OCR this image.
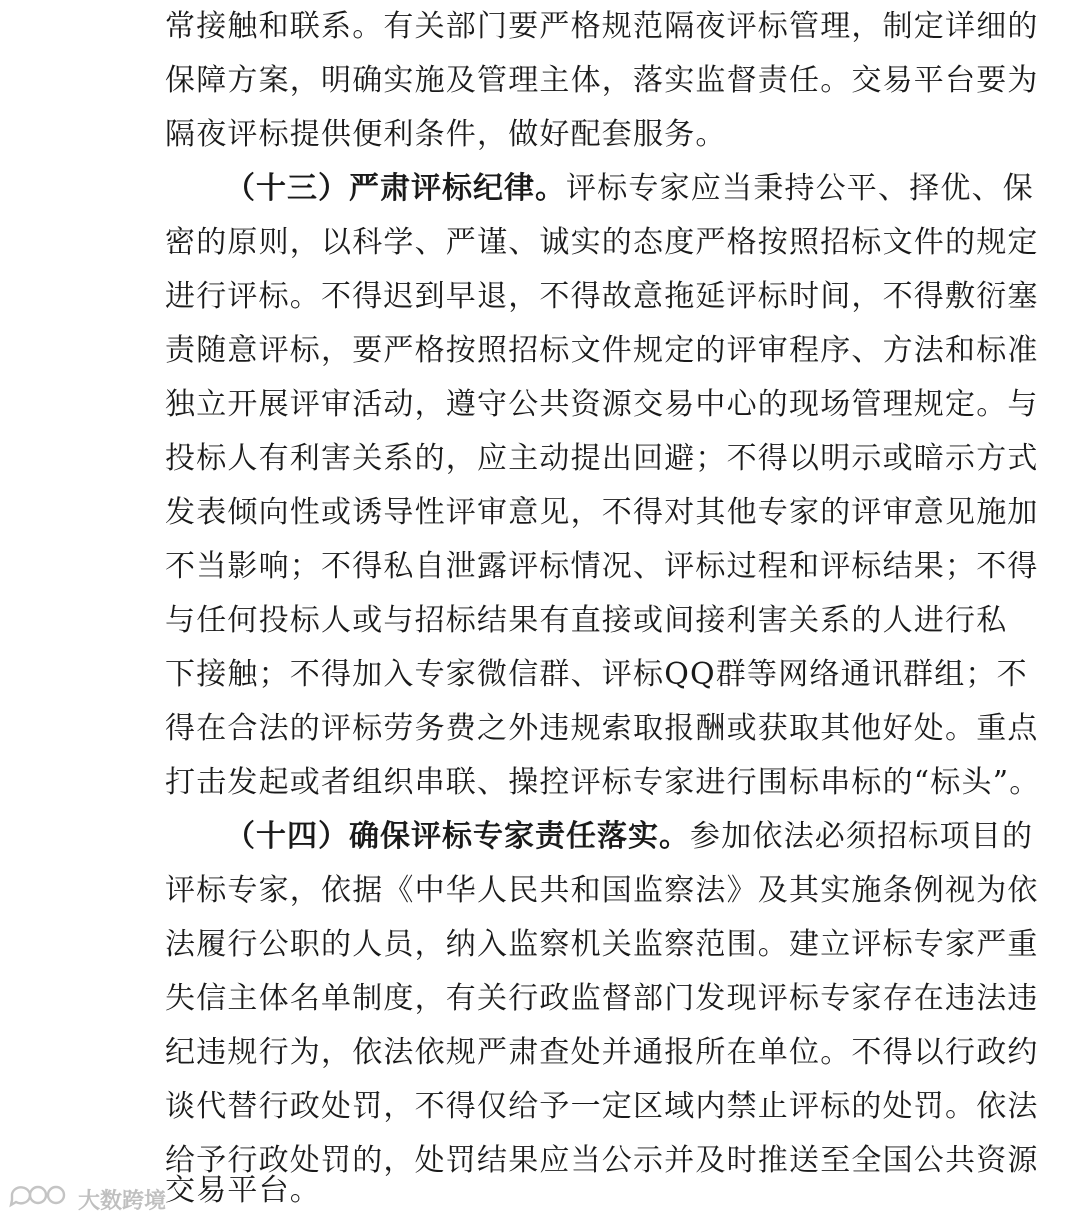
常接触和联系。有关部门要严格规范隔夜评标管理，制定详细的
保障方案，明确实施及管理主体，落实监督责任。交易平台要为
隔夜评标提供便利条件，做好配套服务。
（十三）严肃评标纪律。评标专家应当秉持公平、择优、保
密的原则，以科学、严谨、诚实的态度严格按照招标文件的规定
进行评标。不得迟到早退，不得故意拖延评标时间，不得敷衍塞
责随意评标，要严格按照招标文件规定的评审程序、方法和标准
独立开展评审活动，遵守公共资源交易中心的现场管理规定。与
投标人有利害关系的，应主动提出回避；不得以明示或暗示方式
发表倾向性或诱导性评审意见，不得对其他专家的评审意见施加
不当影响；不得私自泄露评标情况、评标过程和评标结果；不得
与任何投标人或与招标结果有直接或间接利害关系的人进行私
下接触；不得加入专家微信群、评标QQ群等网络通讯群组；不
得在合法的评标劳务费之外违规索取报酬或获取其他好处。重点
打击发起或者组织串联、操控评标专家进行围标串标的“标头”。
（十四）确保评标专家责任落实。参加依法必须招标项目的
评标专家，依据《中华人民共和国监察法》及其实施条例视为依
法履行公职的人员，纳入监察机关监察范围。建立评标专家严重
失信主体名单制度，有关行政监督部门发现评标专家存在违法违
纪违规行为，依法依规严肃查处并通报所在单位。不得以行政约
谈代替行政处罚，不得仅给予一定区域内禁止评标的处罚。依法
给予行政处罚的，处罚结果应当公示并及时推送至全国公共资源
交易平台。
大数跨境
